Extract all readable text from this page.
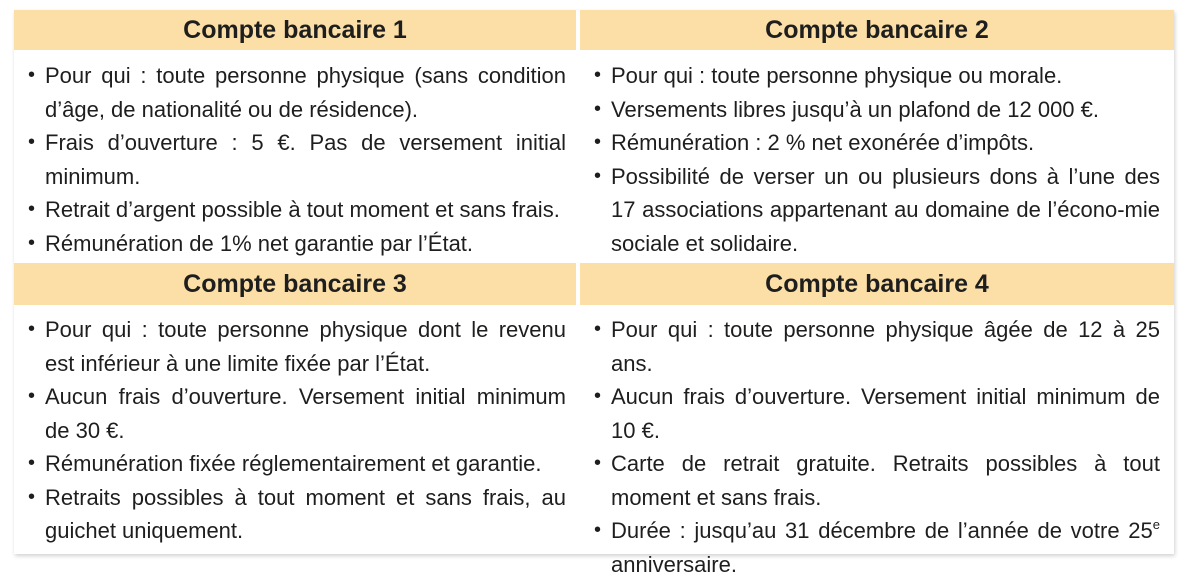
Compte bancaire 1	Compte bancaire 2
• Pour qui : toute personne physique (sans condition d’âge, de nationalité ou de résidence).
• Frais d’ouverture : 5 €. Pas de versement initial minimum.
• Retrait d’argent possible à tout moment et sans frais.
• Rémunération de 1% net garantie par l’État.
• Pour qui : toute personne physique ou morale.
• Versements libres jusqu’à un plafond de 12 000 €.
• Rémunération : 2 % net exonérée d’impôts.
• Possibilité de verser un ou plusieurs dons à l’une des 17 associations appartenant au domaine de l’écono-mie sociale et solidaire.
Compte bancaire 3	Compte bancaire 4
• Pour qui : toute personne physique dont le revenu est inférieur à une limite fixée par l’État.
• Aucun frais d’ouverture. Versement initial minimum de 30 €.
• Rémunération fixée réglementairement et garantie.
• Retraits possibles à tout moment et sans frais, au guichet uniquement.
• Pour qui : toute personne physique âgée de 12 à 25 ans.
• Aucun frais d’ouverture. Versement initial minimum de 10 €.
• Carte de retrait gratuite. Retraits possibles à tout moment et sans frais.
• Durée : jusqu’au 31 décembre de l’année de votre 25e anniversaire.
